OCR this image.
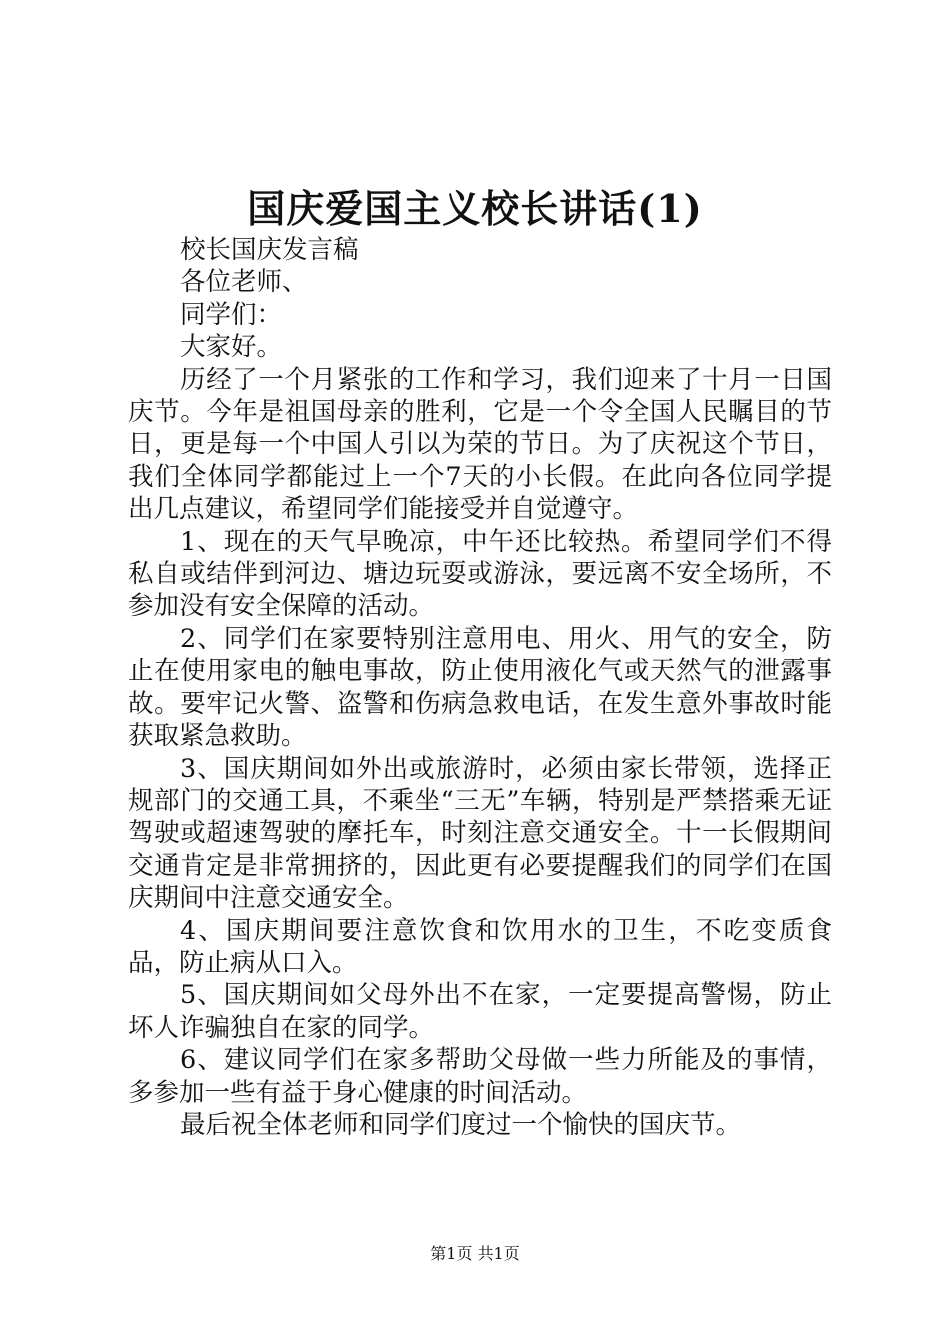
国庆爱国主义校长讲话(1)

校长国庆发言稿

各位老师、

同学们：

大家好。

历经了一个月紧张的工作和学习，我们迎来了十月一日国庆节。今年是祖国母亲的胜利，它是一个令全国人民瞩目的节日，更是每一个中国人引以为荣的节日。为了庆祝这个节日，我们全体同学都能过上一个7天的小长假。在此向各位同学提出几点建议，希望同学们能接受并自觉遵守。

1、现在的天气早晚凉，中午还比较热。希望同学们不得私自或结伴到河边、塘边玩耍或游泳，要远离不安全场所，不参加没有安全保障的活动。

2、同学们在家要特别注意用电、用火、用气的安全，防止在使用家电的触电事故，防止使用液化气或天然气的泄露事故。要牢记火警、盗警和伤病急救电话，在发生意外事故时能获取紧急救助。

3、国庆期间如外出或旅游时，必须由家长带领，选择正规部门的交通工具，不乘坐“三无”车辆，特别是严禁搭乘无证驾驶或超速驾驶的摩托车，时刻注意交通安全。十一长假期间交通肯定是非常拥挤的，因此更有必要提醒我们的同学们在国庆期间中注意交通安全。

4、国庆期间要注意饮食和饮用水的卫生，不吃变质食品，防止病从口入。

5、国庆期间如父母外出不在家，一定要提高警惕，防止坏人诈骗独自在家的同学。

6、建议同学们在家多帮助父母做一些力所能及的事情，多参加一些有益于身心健康的时间活动。

最后祝全体老师和同学们度过一个愉快的国庆节。

第1页 共1页
